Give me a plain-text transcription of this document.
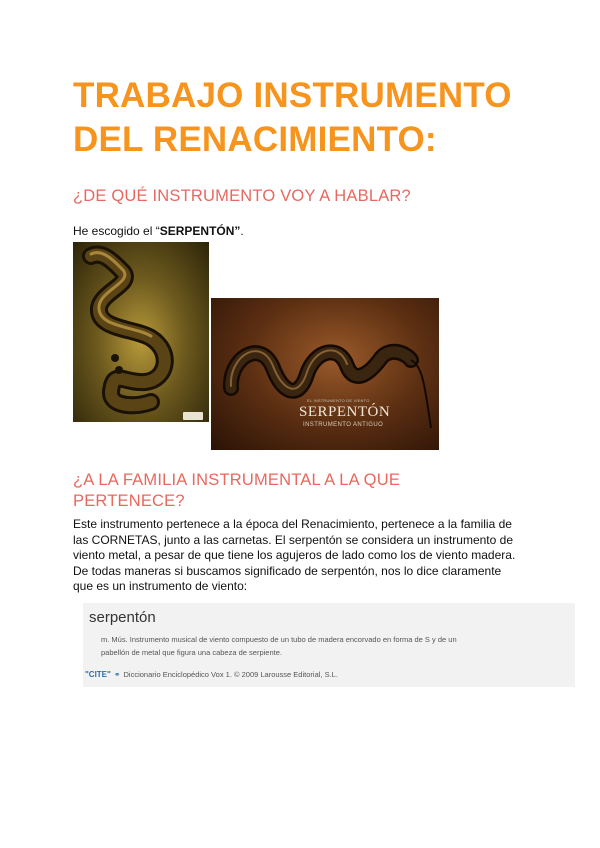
TRABAJO INSTRUMENTO
DEL RENACIMIENTO:
¿DE QUÉ INSTRUMENTO VOY A HABLAR?
He escogido el “SERPENTÓN”.
EL INSTRUMENTO DE VIENTO
SERPENTÓN
INSTRUMENTO ANTIGUO
¿A LA FAMILIA INSTRUMENTAL A LA QUE
PERTENECE?
Este instrumento pertenece a la época del Renacimiento, pertenece a la familia de
las CORNETAS, junto a las carnetas. El serpentón se considera un instrumento de
viento metal, a pesar de que tiene los agujeros de lado como los de viento madera.
De todas maneras si buscamos significado de serpentón, nos lo dice claramente
que es un instrumento de viento:
serpentón
m. Mús. Instrumento musical de viento compuesto de un tubo de madera encorvado en forma de S y de un
pabellón de metal que figura una cabeza de serpiente.
"CITE" ⚭ Diccionario Enciclopédico Vox 1. © 2009 Larousse Editorial, S.L.
